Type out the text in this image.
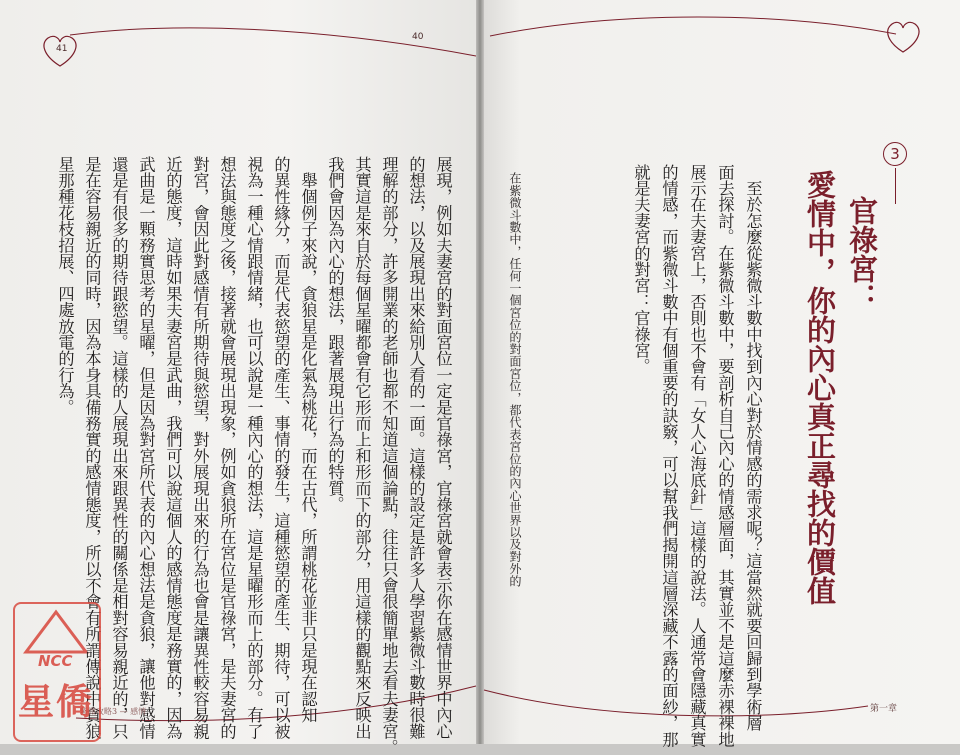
41
40
3
官祿宮：
愛情中，你的內心真正尋找的價值
　至於怎麼從紫微斗數中找到內心對於情感的需求呢？這當然就要回歸到學術層
面去探討。在紫微斗數中，要剖析自己內心的情感層面，其實並不是這麼赤裸裸地
展示在夫妻宮上，否則也不會有「女人心海底針」這樣的說法。人通常會隱藏真實
的情感，而紫微斗數中有個重要的訣竅，可以幫我們揭開這層深藏不露的面紗，那
就是夫妻宮的對宮：官祿宮。
在紫微斗數中，任何一個宮位的對面宮位，都代表宮位的內心世界以及對外的
第一章
展現，例如夫妻宮的對面宮位一定是官祿宮，官祿宮就會表示你在感情世界中內心
的想法，以及展現出來給別人看的一面。這樣的設定是許多人學習紫微斗數時很難
理解的部分，許多開業的老師也都不知道這個論點，往往只會很簡單地去看夫妻宮。
其實這是來自於每個星曜都會有它形而上和形而下的部分，用這樣的觀點來反映出
我們會因為內心的想法，跟著展現出行為的特質。
　舉個例子來說，貪狼星是化氣為桃花，而在古代，所謂桃花並非只是現在認知
的異性緣分，而是代表慾望的產生、事情的發生，這種慾望的產生、期待，可以被
視為一種心情跟情緒，也可以說是一種內心的想法，這是星曜形而上的部分。有了
想法與態度之後，接著就會展現出現象，例如貪狼所在宮位是官祿宮，是夫妻宮的
對宮，會因此對感情有所期待與慾望，對外展現出來的行為也會是讓異性較容易親
近的態度，這時如果夫妻宮是武曲，我們可以說這個人的感情態度是務實的，因為
武曲是一顆務實思考的星曜，但是因為對宮所代表的內心想法是貪狼，讓他對感情
還是有很多的期待跟慾望。這樣的人展現出來跟異性的關係是相對容易親近的，只
是在容易親近的同時，因為本身具備務實的感情態度，所以不會有所謂傳說中貪狼
星那種花枝招展、四處放電的行為。
紫微攻略3 — 感情
NCC
星僑
